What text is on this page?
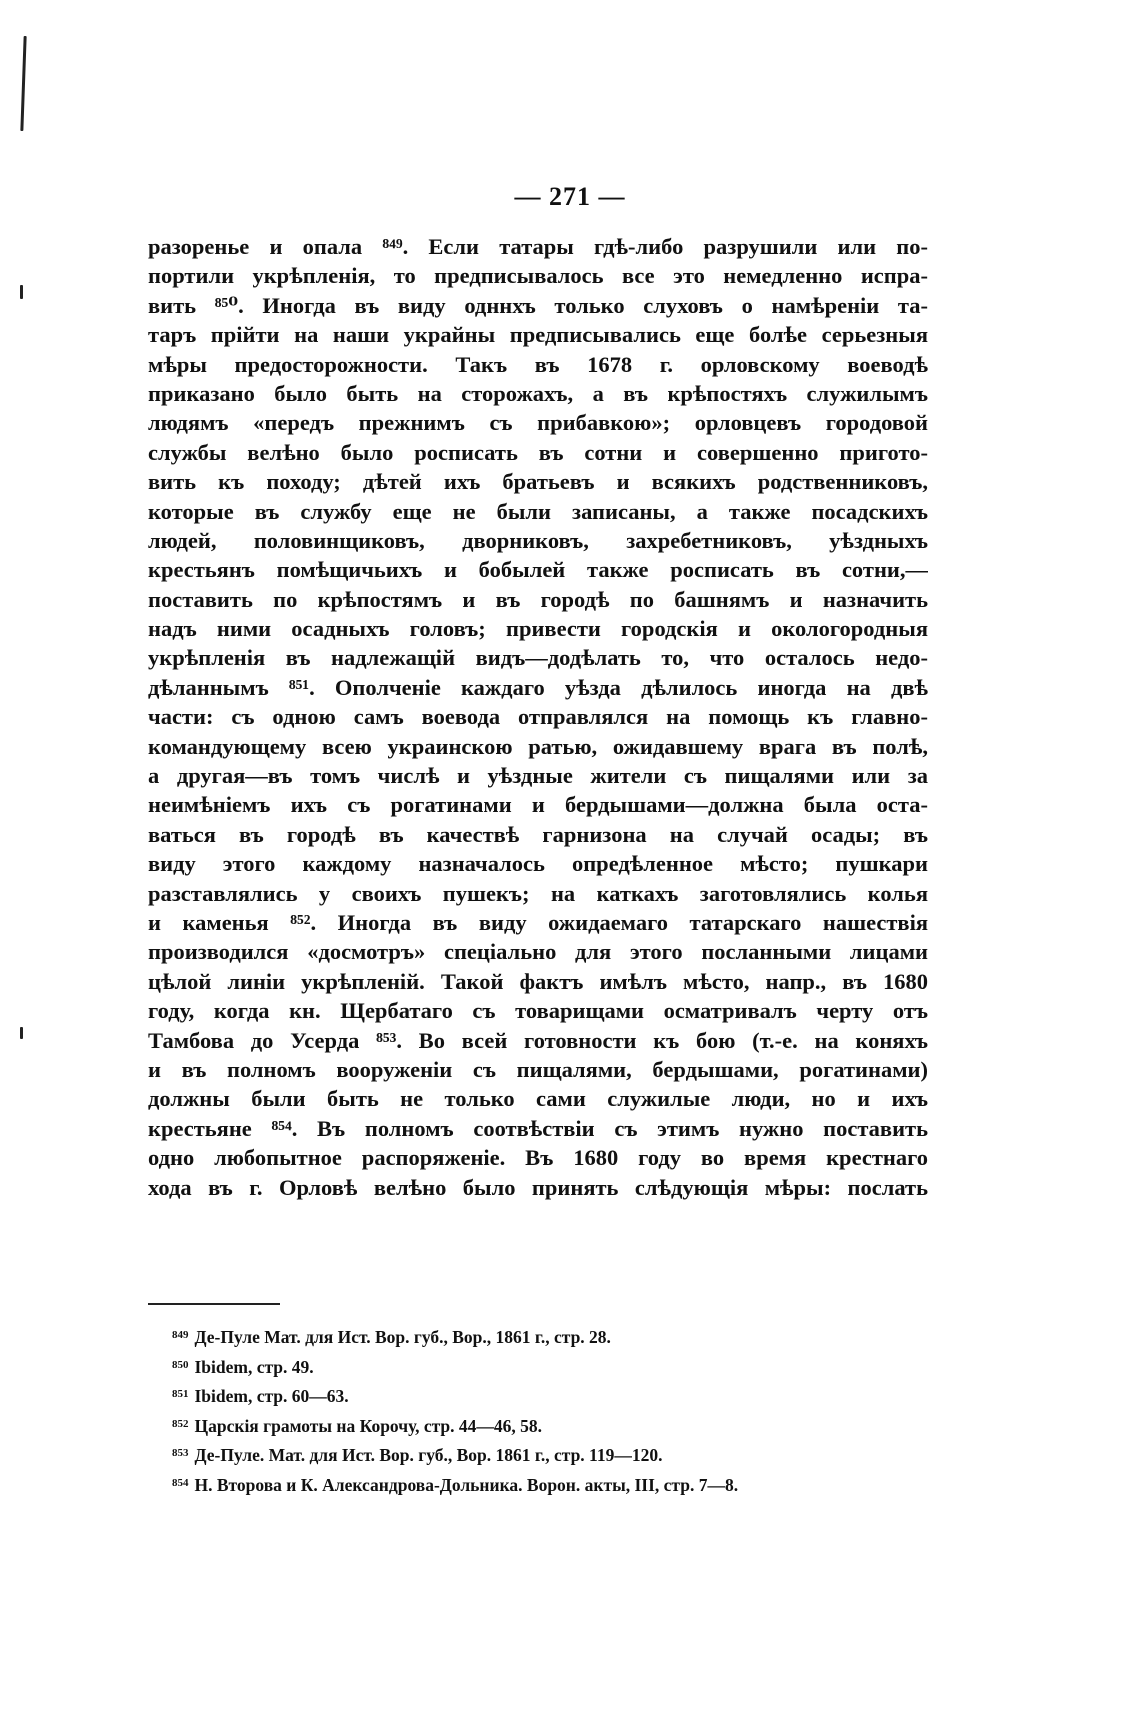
— 271 —
разоренье и опала ⁸⁴⁹. Если татары гдѣ-либо разрушили или по-
портили укрѣпленія, то предписывалось все это немедленно испра-
вить ⁸⁵⁰. Иногда въ виду одннхъ только слуховъ о намѣреніи та-
таръ прійти на наши украйны предписывались еще болѣе серьезныя
мѣры предосторожности. Такъ въ 1678 г. орловскому воеводѣ
приказано было быть на сторожахъ, а въ крѣпостяхъ служилымъ
людямъ «передъ прежнимъ съ прибавкою»; орловцевъ городовой
службы велѣно было росписать въ сотни и совершенно пригото-
вить къ походу; дѣтей ихъ братьевъ и всякихъ родственниковъ,
которые въ службу еще не были записаны, а также посадскихъ
людей, половинщиковъ, дворниковъ, захребетниковъ, уѣздныхъ
крестьянъ помѣщичьихъ и бобылей также росписать въ сотни,—
поставить по крѣпостямъ и въ городѣ по башнямъ и назначить
надъ ними осадныхъ головъ; привести городскія и окологородныя
укрѣпленія въ надлежащій видъ—додѣлать то, что осталось недо-
дѣланнымъ ⁸⁵¹. Ополченіе каждаго уѣзда дѣлилось иногда на двѣ
части: съ одною самъ воевода отправлялся на помощь къ главно-
командующему всею украинскою ратью, ожидавшему врага въ полѣ,
а другая—въ томъ числѣ и уѣздные жители съ пищалями или за
неимѣніемъ ихъ съ рогатинами и бердышами—должна была оста-
ваться въ городѣ въ качествѣ гарнизона на случай осады; въ
виду этого каждому назначалось опредѣленное мѣсто; пушкари
разставлялись у своихъ пушекъ; на каткахъ заготовлялись колья
и каменья ⁸⁵². Иногда въ виду ожидаемаго татарскаго нашествія
производился «досмотръ» спеціально для этого посланными лицами
цѣлой линіи укрѣпленій. Такой фактъ имѣлъ мѣсто, напр., въ 1680
году, когда кн. Щербатаго съ товарищами осматривалъ черту отъ
Тамбова до Усерда ⁸⁵³. Во всей готовности къ бою (т.-е. на коняхъ
и въ полномъ вооруженіи съ пищалями, бердышами, рогатинами)
должны были быть не только сами служилые люди, но и ихъ
крестьяне ⁸⁵⁴. Въ полномъ соотвѣствіи съ этимъ нужно поставить
одно любопытное распоряженіе. Въ 1680 году во время крестнаго
хода въ г. Орловѣ велѣно было принять слѣдующія мѣры: послать
$^{849}$ Де-Пуле Мат. для Ист. Вор. губ., Вор., 1861 г., стр. 28.
$^{850}$ Ibidem, стр. 49.
$^{851}$ Ibidem, стр. 60—63.
$^{852}$ Царскія грамоты на Корочу, стр. 44—46, 58.
$^{853}$ Де-Пуле. Мат. для Ист. Вор. губ., Вор. 1861 г., стр. 119—120.
$^{854}$ Н. Второва и К. Александрова-Дольника. Ворон. акты, III, стр. 7—8.
